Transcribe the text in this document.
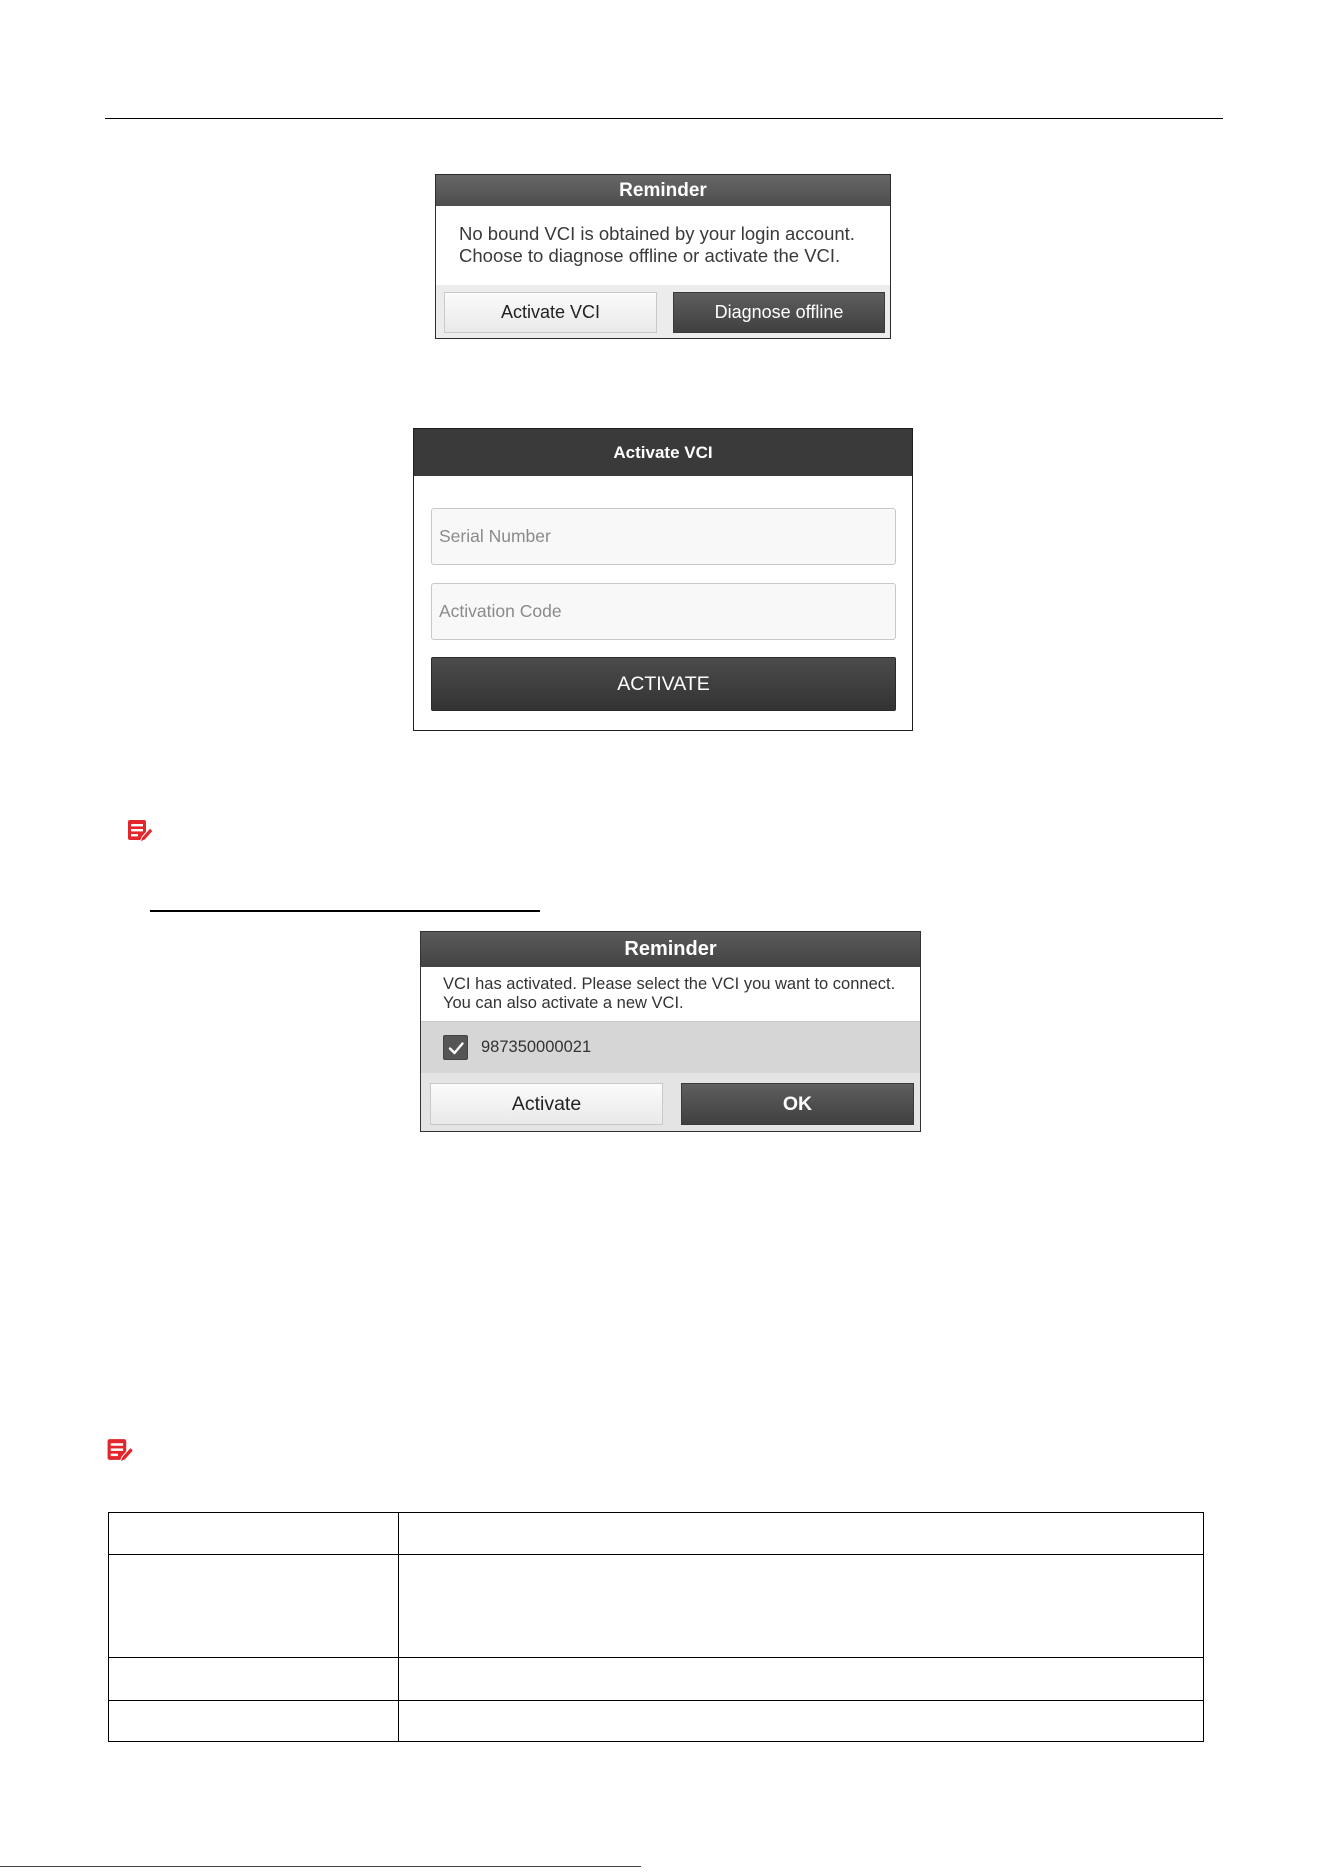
Reminder
No bound VCI is obtained by your login account.
Choose to diagnose offline or activate the VCI.
Activate VCI	Diagnose offline
Activate VCI
Serial Number
Activation Code
ACTIVATE
Reminder
VCI has activated. Please select the VCI you want to connect.
You can also activate a new VCI.
987350000021
Activate	OK
